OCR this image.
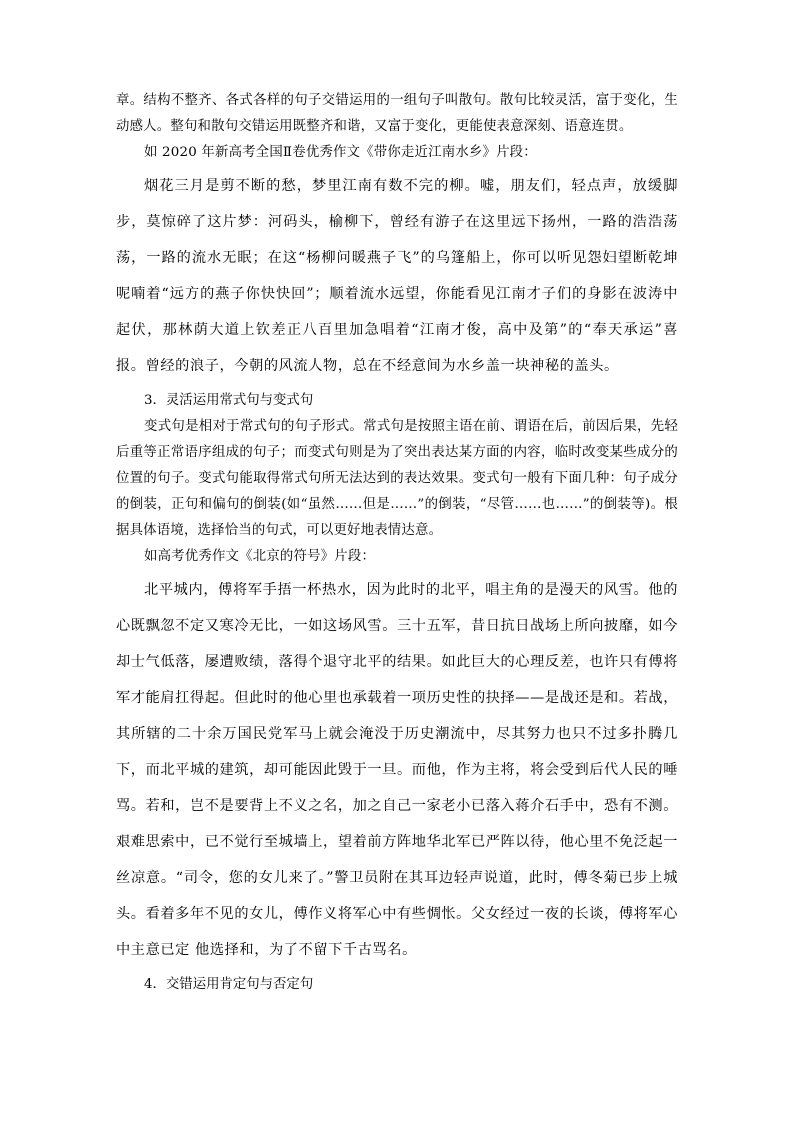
章。结构不整齐、各式各样的句子交错运用的一组句子叫散句。散句比较灵活，富于变化，生动感人。整句和散句交错运用既整齐和谐，又富于变化，更能使表意深刻、语意连贯。

如 2020 年新高考全国Ⅱ卷优秀作文《带你走近江南水乡》片段：

烟花三月是剪不断的愁，梦里江南有数不完的柳。嘘，朋友们，轻点声，放缓脚步，莫惊碎了这片梦：河码头，榆柳下，曾经有游子在这里远下扬州，一路的浩浩荡荡，一路的流水无眠；在这“杨柳问暖燕子飞”的乌篷船上，你可以听见怨妇望断乾坤呢喃着“远方的燕子你快快回”；顺着流水远望，你能看见江南才子们的身影在波涛中起伏，那林荫大道上钦差正八百里加急唱着“江南才俊，高中及第”的“奉天承运”喜报。曾经的浪子，今朝的风流人物，总在不经意间为水乡盖一块神秘的盖头。

3．灵活运用常式句与变式句

变式句是相对于常式句的句子形式。常式句是按照主语在前、谓语在后，前因后果，先轻后重等正常语序组成的句子；而变式句则是为了突出表达某方面的内容，临时改变某些成分的位置的句子。变式句能取得常式句所无法达到的表达效果。变式句一般有下面几种：句子成分的倒装，正句和偏句的倒装(如“虽然……但是……”的倒装，“尽管……也……”的倒装等)。根据具体语境，选择恰当的句式，可以更好地表情达意。

如高考优秀作文《北京的符号》片段：

北平城内，傅将军手捂一杯热水，因为此时的北平，唱主角的是漫天的风雪。他的心既飘忽不定又寒冷无比，一如这场风雪。三十五军，昔日抗日战场上所向披靡，如今却士气低落，屡遭败绩，落得个退守北平的结果。如此巨大的心理反差，也许只有傅将军才能肩扛得起。但此时的他心里也承载着一项历史性的抉择——是战还是和。若战，其所辖的二十余万国民党军马上就会淹没于历史潮流中，尽其努力也只不过多扑腾几下，而北平城的建筑，却可能因此毁于一旦。而他，作为主将，将会受到后代人民的唾骂。若和，岂不是要背上不义之名，加之自己一家老小已落入蒋介石手中，恐有不测。艰难思索中，已不觉行至城墙上，望着前方阵地华北军已严阵以待，他心里不免泛起一丝凉意。“司令，您的女儿来了。”警卫员附在其耳边轻声说道，此时，傅冬菊已步上城头。看着多年不见的女儿，傅作义将军心中有些惆怅。父女经过一夜的长谈，傅将军心中主意已定 他选择和，为了不留下千古骂名。

4．交错运用肯定句与否定句
